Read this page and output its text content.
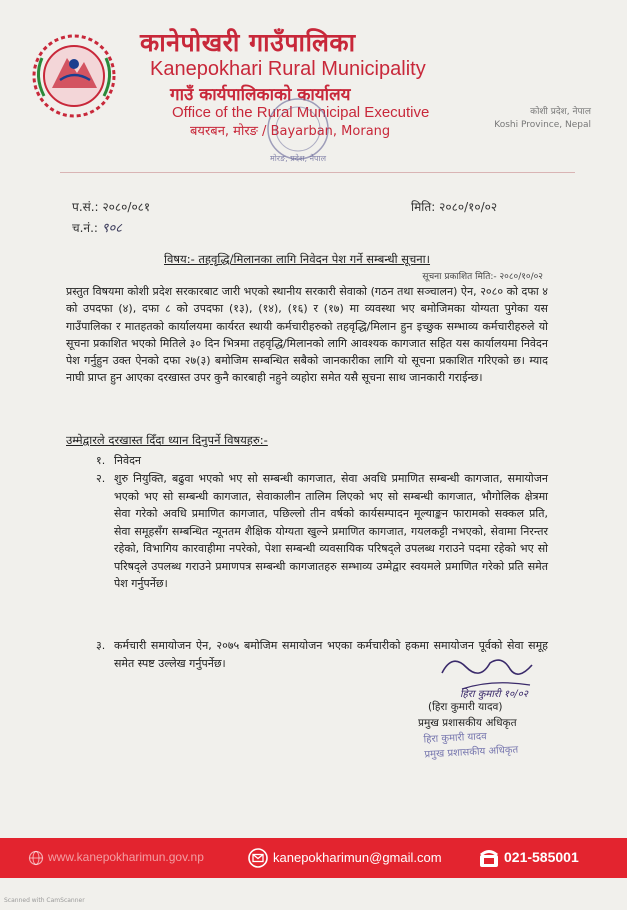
कानेपोखरी गाउँपालिका
Kanepokhari Rural Municipality
गाउँ कार्यपालिकाको कार्यालय
Office of the Rural Municipal Executive
बयरबन, मोरङ / Bayarban, Morang
कोशी प्रदेश, नेपाल
Koshi Province, Nepal
मोरङ, प्रदेश, नेपाल
प.सं.: २०८०/०८१
च.नं.: ९०८
मिति: २०८०/१०/०२
विषय:- तहवृद्धि/मिलानका लागि निवेदन पेश गर्ने सम्बन्धी सूचना।
सूचना प्रकाशित मिति:- २०८०/१०/०२
प्रस्तुत विषयमा कोशी प्रदेश सरकारबाट जारी भएको स्थानीय सरकारी सेवाको (गठन तथा सञ्चालन) ऐन, २०८० को दफा ४ को उपदफा (४), दफा ८ को उपदफा (१३), (१४), (१६) र (१७) मा व्यवस्था भए बमोजिमका योग्यता पुगेका यस गाउँपालिका र मातहतको कार्यालयमा कार्यरत स्थायी कर्मचारीहरुको तहवृद्धि/मिलान हुन इच्छुक सम्भाव्य कर्मचारीहरुले यो सूचना प्रकाशित भएको मितिले ३० दिन भित्रमा तहवृद्धि/मिलानको लागि आवश्यक कागजात सहित यस कार्यालयमा निवेदन पेश गर्नुहुन उक्त ऐनको दफा २७(३) बमोजिम सम्बन्धित सबैको जानकारीका लागि यो सूचना प्रकाशित गरिएको छ। म्याद नाघी प्राप्त हुन आएका दरखास्त उपर कुनै कारबाही नहुने व्यहोरा समेत यसै सूचना साथ जानकारी गराईन्छ।
उम्मेद्वारले दरखास्त दिँदा ध्यान दिनुपर्ने विषयहरु:-
१. निवेदन
२. शुरु नियुक्ति, बढुवा भएको भए सो सम्बन्धी कागजात, सेवा अवधि प्रमाणित सम्बन्धी कागजात, समायोजन भएको भए सो सम्बन्धी कागजात, सेवाकालीन तालिम लिएको भए सो सम्बन्धी कागजात, भौगोलिक क्षेत्रमा सेवा गरेको अवधि प्रमाणित कागजात, पछिल्लो तीन वर्षको कार्यसम्पादन मूल्याङ्कन फारामको सक्कल प्रति, सेवा समूहसँग सम्बन्धित न्यूनतम शैक्षिक योग्यता खुल्ने प्रमाणित कागजात, गयलकट्टी नभएको, सेवामा निरन्तर रहेको, विभागिय कारवाहीमा नपरेको, पेशा सम्बन्धी व्यवसायिक परिषद्ले उपलब्ध गराउने पदमा रहेको भए सो परिषद्ले उपलब्ध गराउने प्रमाणपत्र सम्बन्धी कागजातहरु सम्भाव्य उम्मेद्वार स्वयमले प्रमाणित गरेको प्रति समेत पेश गर्नुपर्नेछ।
३. कर्मचारी समायोजन ऐन, २०७५ बमोजिम समायोजन भएका कर्मचारीको हकमा समायोजन पूर्वको सेवा समूह समेत स्पष्ट उल्लेख गर्नुपर्नेछ।
हिरा कुमारी १०/०२
(हिरा कुमारी यादव)
प्रमुख प्रशासकीय अधिकृत
हिरा कुमारी यादव
प्रमुख प्रशासकीय अधिकृत
www.kanepokharimun.gov.np	kanepokharimun@gmail.com	021-585001
Scanned with CamScanner
